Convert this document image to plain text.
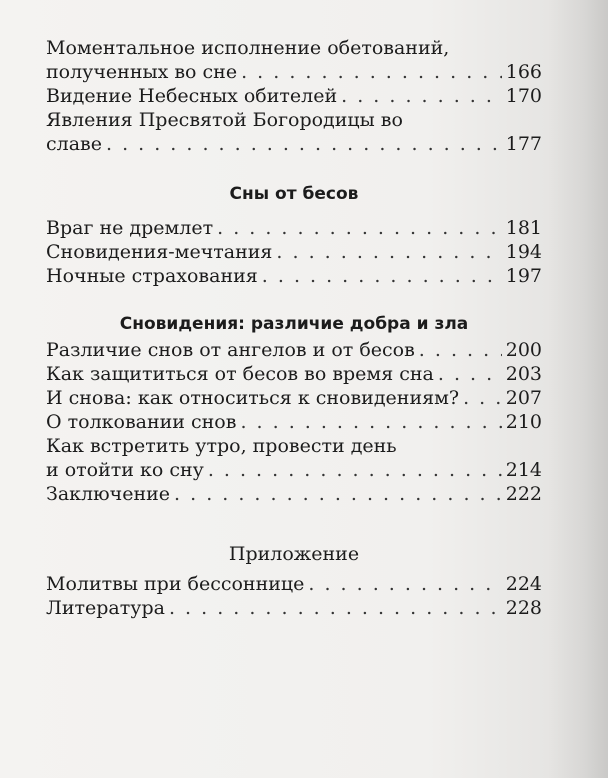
Моментальное исполнение обетований,
полученных во сне . . .	166
Видение Небесных обителей . . .	170
Явления Пресвятой Богородицы во
славе . . .	177
Сны от бесов
Враг не дремлет . . .	181
Сновидения-мечтания . . .	194
Ночные страхования . . .	197
Сновидения: различие добра и зла
Различие снов от ангелов и от бесов . . .	200
Как защититься от бесов во время сна . . .	203
И снова: как относиться к сновидениям? . . . 207
О толковании снов . . .	210
Как встретить утро, провести день
и отойти ко сну . . .	214
Заключение . . .	222
Приложение
Молитвы при бессоннице . . .	224
Литература . . .	228
